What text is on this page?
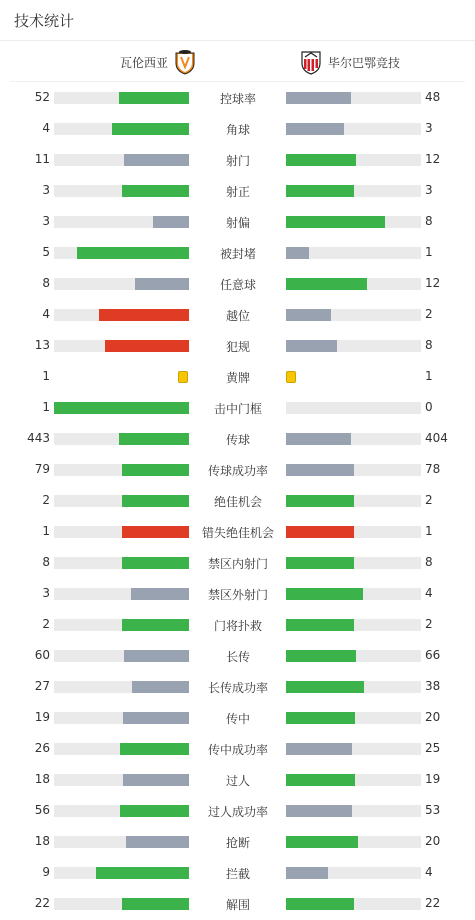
技术统计
瓦伦西亚	毕尔巴鄂竞技
52	控球率	48
4	角球	3
11	射门	12
3	射正	3
3	射偏	8
5	被封堵	1
8	任意球	12
4	越位	2
13	犯规	8
1	黄牌	1
1	击中门框	0
443	传球	404
79	传球成功率	78
2	绝佳机会	2
1	错失绝佳机会	1
8	禁区内射门	8
3	禁区外射门	4
2	门将扑救	2
60	长传	66
27	长传成功率	38
19	传中	20
26	传中成功率	25
18	过人	19
56	过人成功率	53
18	抢断	20
9	拦截	4
22	解围	22
